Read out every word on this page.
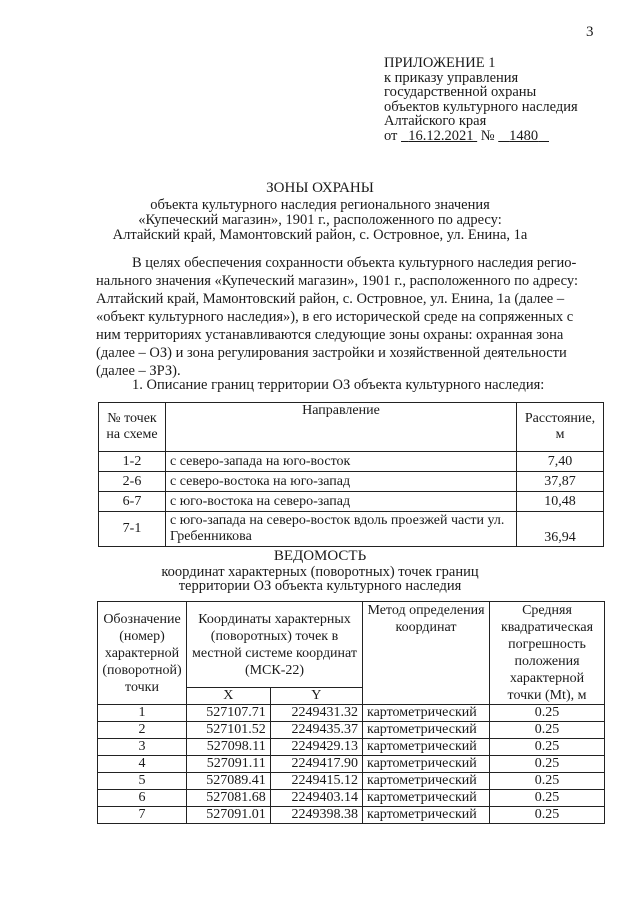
3
ПРИЛОЖЕНИЕ 1
к приказу управления
государственной охраны
объектов культурного наследия
Алтайского края
от 16.12.2021 № 1480
ЗОНЫ ОХРАНЫ
объекта культурного наследия регионального значения
«Купеческий магазин», 1901 г., расположенного по адресу:
Алтайский край, Мамонтовский район, с. Островное, ул. Енина, 1а
В целях обеспечения сохранности объекта культурного наследия регио-
нального значения «Купеческий магазин», 1901 г., расположенного по адресу:
Алтайский край, Мамонтовский район, с. Островное, ул. Енина, 1а (далее –
«объект культурного наследия»), в его исторической среде на сопряженных с
ним территориях устанавливаются следующие зоны охраны: охранная зона
(далее – ОЗ) и зона регулирования застройки и хозяйственной деятельности
(далее – ЗРЗ).
1. Описание границ территории ОЗ объекта культурного наследия:
№ точек на схеме	Направление	Расстояние, м
1-2	с северо-запада на юго-восток	7,40
2-6	с северо-востока на юго-запад	37,87
6-7	с юго-востока на северо-запад	10,48
7-1	с юго-запада на северо-восток вдоль проезжей части ул. Гребенникова	36,94
ВЕДОМОСТЬ
координат характерных (поворотных) точек границ
территории ОЗ объекта культурного наследия
Обозначение (номер) характерной (поворотной) точки	Координаты характерных (поворотных) точек в местной системе координат (МСК-22)		Метод определения координат	Средняя квадратическая погрешность положения характерной точки (Mt), м
	X	Y		
1	527107.71	2249431.32	картометрический	0.25
2	527101.52	2249435.37	картометрический	0.25
3	527098.11	2249429.13	картометрический	0.25
4	527091.11	2249417.90	картометрический	0.25
5	527089.41	2249415.12	картометрический	0.25
6	527081.68	2249403.14	картометрический	0.25
7	527091.01	2249398.38	картометрический	0.25
